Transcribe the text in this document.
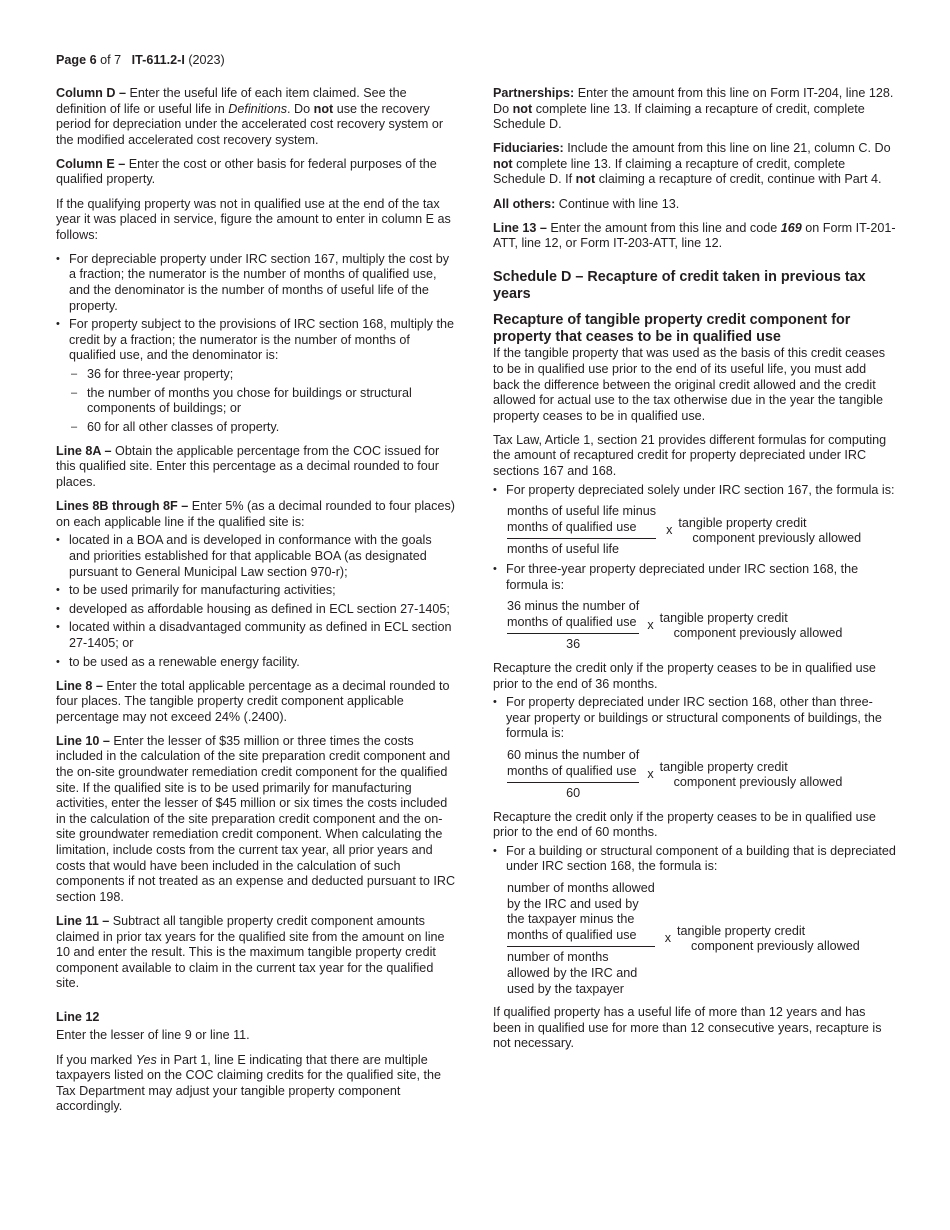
Page 6 of 7 IT-611.2-I (2023)

Column D – Enter the useful life of each item claimed. See the definition of life or useful life in Definitions. Do not use the recovery period for depreciation under the accelerated cost recovery system or the modified accelerated cost recovery system.

Column E – Enter the cost or other basis for federal purposes of the qualified property.

If the qualifying property was not in qualified use at the end of the tax year it was placed in service, figure the amount to enter in column E as follows:

• For depreciable property under IRC section 167, multiply the cost by a fraction; the numerator is the number of months of qualified use, and the denominator is the number of months of useful life of the property.
• For property subject to the provisions of IRC section 168, multiply the credit by a fraction; the numerator is the number of months of qualified use, and the denominator is:
– 36 for three-year property;
– the number of months you chose for buildings or structural components of buildings; or
– 60 for all other classes of property.

Line 8A – Obtain the applicable percentage from the COC issued for this qualified site. Enter this percentage as a decimal rounded to four places.

Lines 8B through 8F – Enter 5% (as a decimal rounded to four places) on each applicable line if the qualified site is:

• located in a BOA and is developed in conformance with the goals and priorities established for that applicable BOA (as designated pursuant to General Municipal Law section 970-r);
• to be used primarily for manufacturing activities;
• developed as affordable housing as defined in ECL section 27-1405;
• located within a disadvantaged community as defined in ECL section 27-1405; or
• to be used as a renewable energy facility.

Line 8 – Enter the total applicable percentage as a decimal rounded to four places. The tangible property credit component applicable percentage may not exceed 24% (.2400).

Line 10 – Enter the lesser of $35 million or three times the costs included in the calculation of the site preparation credit component and the on-site groundwater remediation credit component for the qualified site. If the qualified site is to be used primarily for manufacturing activities, enter the lesser of $45 million or six times the costs included in the calculation of the site preparation credit component and the on-site groundwater remediation credit component. When calculating the limitation, include costs from the current tax year, all prior years and costs that would have been included in the calculation of such components if not treated as an expense and deducted pursuant to IRC section 198.

Line 11 – Subtract all tangible property credit component amounts claimed in prior tax years for the qualified site from the amount on line 10 and enter the result. This is the maximum tangible property credit component available to claim in the current tax year for the qualified site.

Line 12

Enter the lesser of line 9 or line 11.

If you marked Yes in Part 1, line E indicating that there are multiple taxpayers listed on the COC claiming credits for the qualified site, the Tax Department may adjust your tangible property component accordingly.

Partnerships: Enter the amount from this line on Form IT-204, line 128. Do not complete line 13. If claiming a recapture of credit, complete Schedule D.

Fiduciaries: Include the amount from this line on line 21, column C. Do not complete line 13. If claiming a recapture of credit, complete Schedule D. If not claiming a recapture of credit, continue with Part 4.

All others: Continue with line 13.

Line 13 – Enter the amount from this line and code 169 on Form IT-201-ATT, line 12, or Form IT-203-ATT, line 12.

Schedule D – Recapture of credit taken in previous tax years
Recapture of tangible property credit component for property that ceases to be in qualified use

If the tangible property that was used as the basis of this credit ceases to be in qualified use prior to the end of its useful life, you must add back the difference between the original credit allowed and the credit allowed for actual use to the tax otherwise due in the year the tangible property ceases to be in qualified use.

Tax Law, Article 1, section 21 provides different formulas for computing the amount of recaptured credit for property depreciated under IRC sections 167 and 168.

• For property depreciated solely under IRC section 167, the formula is:
months of useful life minus
months of qualified use
months of useful life x
tangible property credit
component previously allowed
• For three-year property depreciated under IRC section 168, the formula is:
36 minus the number of
months of qualified use
36 x
tangible property credit
component previously allowed

Recapture the credit only if the property ceases to be in qualified use prior to the end of 36 months.

• For property depreciated under IRC section 168, other than three-year property or buildings or structural components of buildings, the formula is:
60 minus the number of
months of qualified use
60 x
tangible property credit
component previously allowed

Recapture the credit only if the property ceases to be in qualified use prior to the end of 60 months.

• For a building or structural component of a building that is depreciated under IRC section 168, the formula is:
number of months allowed
by the IRC and used by
the taxpayer minus the
months of qualified use
number of months
allowed by the IRC and
used by the taxpayer
x
tangible property credit
component previously allowed

If qualified property has a useful life of more than 12 years and has been in qualified use for more than 12 consecutive years, recapture is not necessary.
